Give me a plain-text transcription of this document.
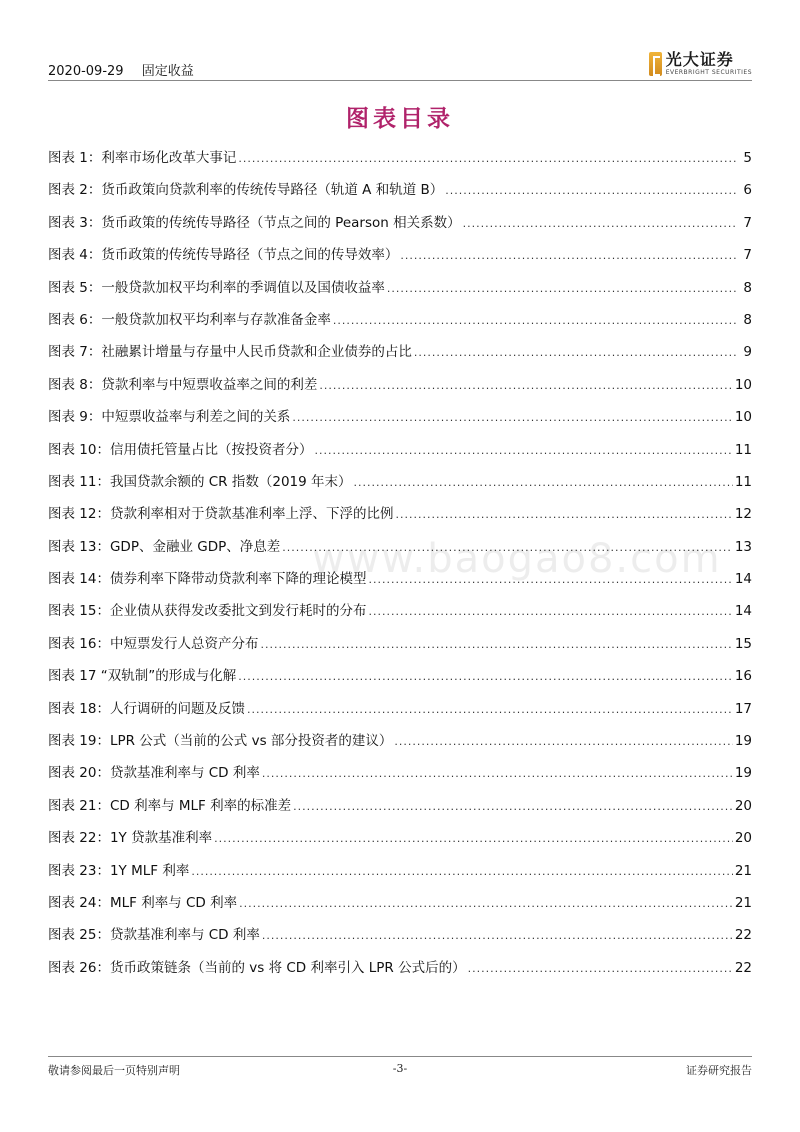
2020-09-29 固定收益
光大证券
EVERBRIGHT SECURITIES
图表目录
www.baogao8.com
图表 1：利率市场化改革大事记 .....	5
图表 2：货币政策向贷款利率的传统传导路径（轨道 A 和轨道 B） .....	6
图表 3：货币政策的传统传导路径（节点之间的 Pearson 相关系数） .....	7
图表 4：货币政策的传统传导路径（节点之间的传导效率） .....	7
图表 5：一般贷款加权平均利率的季调值以及国债收益率 .....	8
图表 6：一般贷款加权平均利率与存款准备金率 .....	8
图表 7：社融累计增量与存量中人民币贷款和企业债券的占比 .....	9
图表 8：贷款利率与中短票收益率之间的利差 .....	10
图表 9：中短票收益率与利差之间的关系 .....	10
图表 10：信用债托管量占比（按投资者分） .....	11
图表 11：我国贷款余额的 CR 指数（2019 年末） .....	11
图表 12：贷款利率相对于贷款基准利率上浮、下浮的比例 .....	12
图表 13：GDP、金融业 GDP、净息差 .....	13
图表 14：债券利率下降带动贷款利率下降的理论模型 .....	14
图表 15：企业债从获得发改委批文到发行耗时的分布 .....	14
图表 16：中短票发行人总资产分布 .....	15
图表 17 “双轨制”的形成与化解 .....	16
图表 18：人行调研的问题及反馈 .....	17
图表 19：LPR 公式（当前的公式 vs 部分投资者的建议） .....	19
图表 20：贷款基准利率与 CD 利率 .....	19
图表 21：CD 利率与 MLF 利率的标准差 .....	20
图表 22：1Y 贷款基准利率 .....	20
图表 23：1Y MLF 利率 .....	21
图表 24：MLF 利率与 CD 利率 .....	21
图表 25：贷款基准利率与 CD 利率 .....	22
图表 26：货币政策链条（当前的 vs 将 CD 利率引入 LPR 公式后的） .....	22
敬请参阅最后一页特别声明	-3-	证券研究报告
